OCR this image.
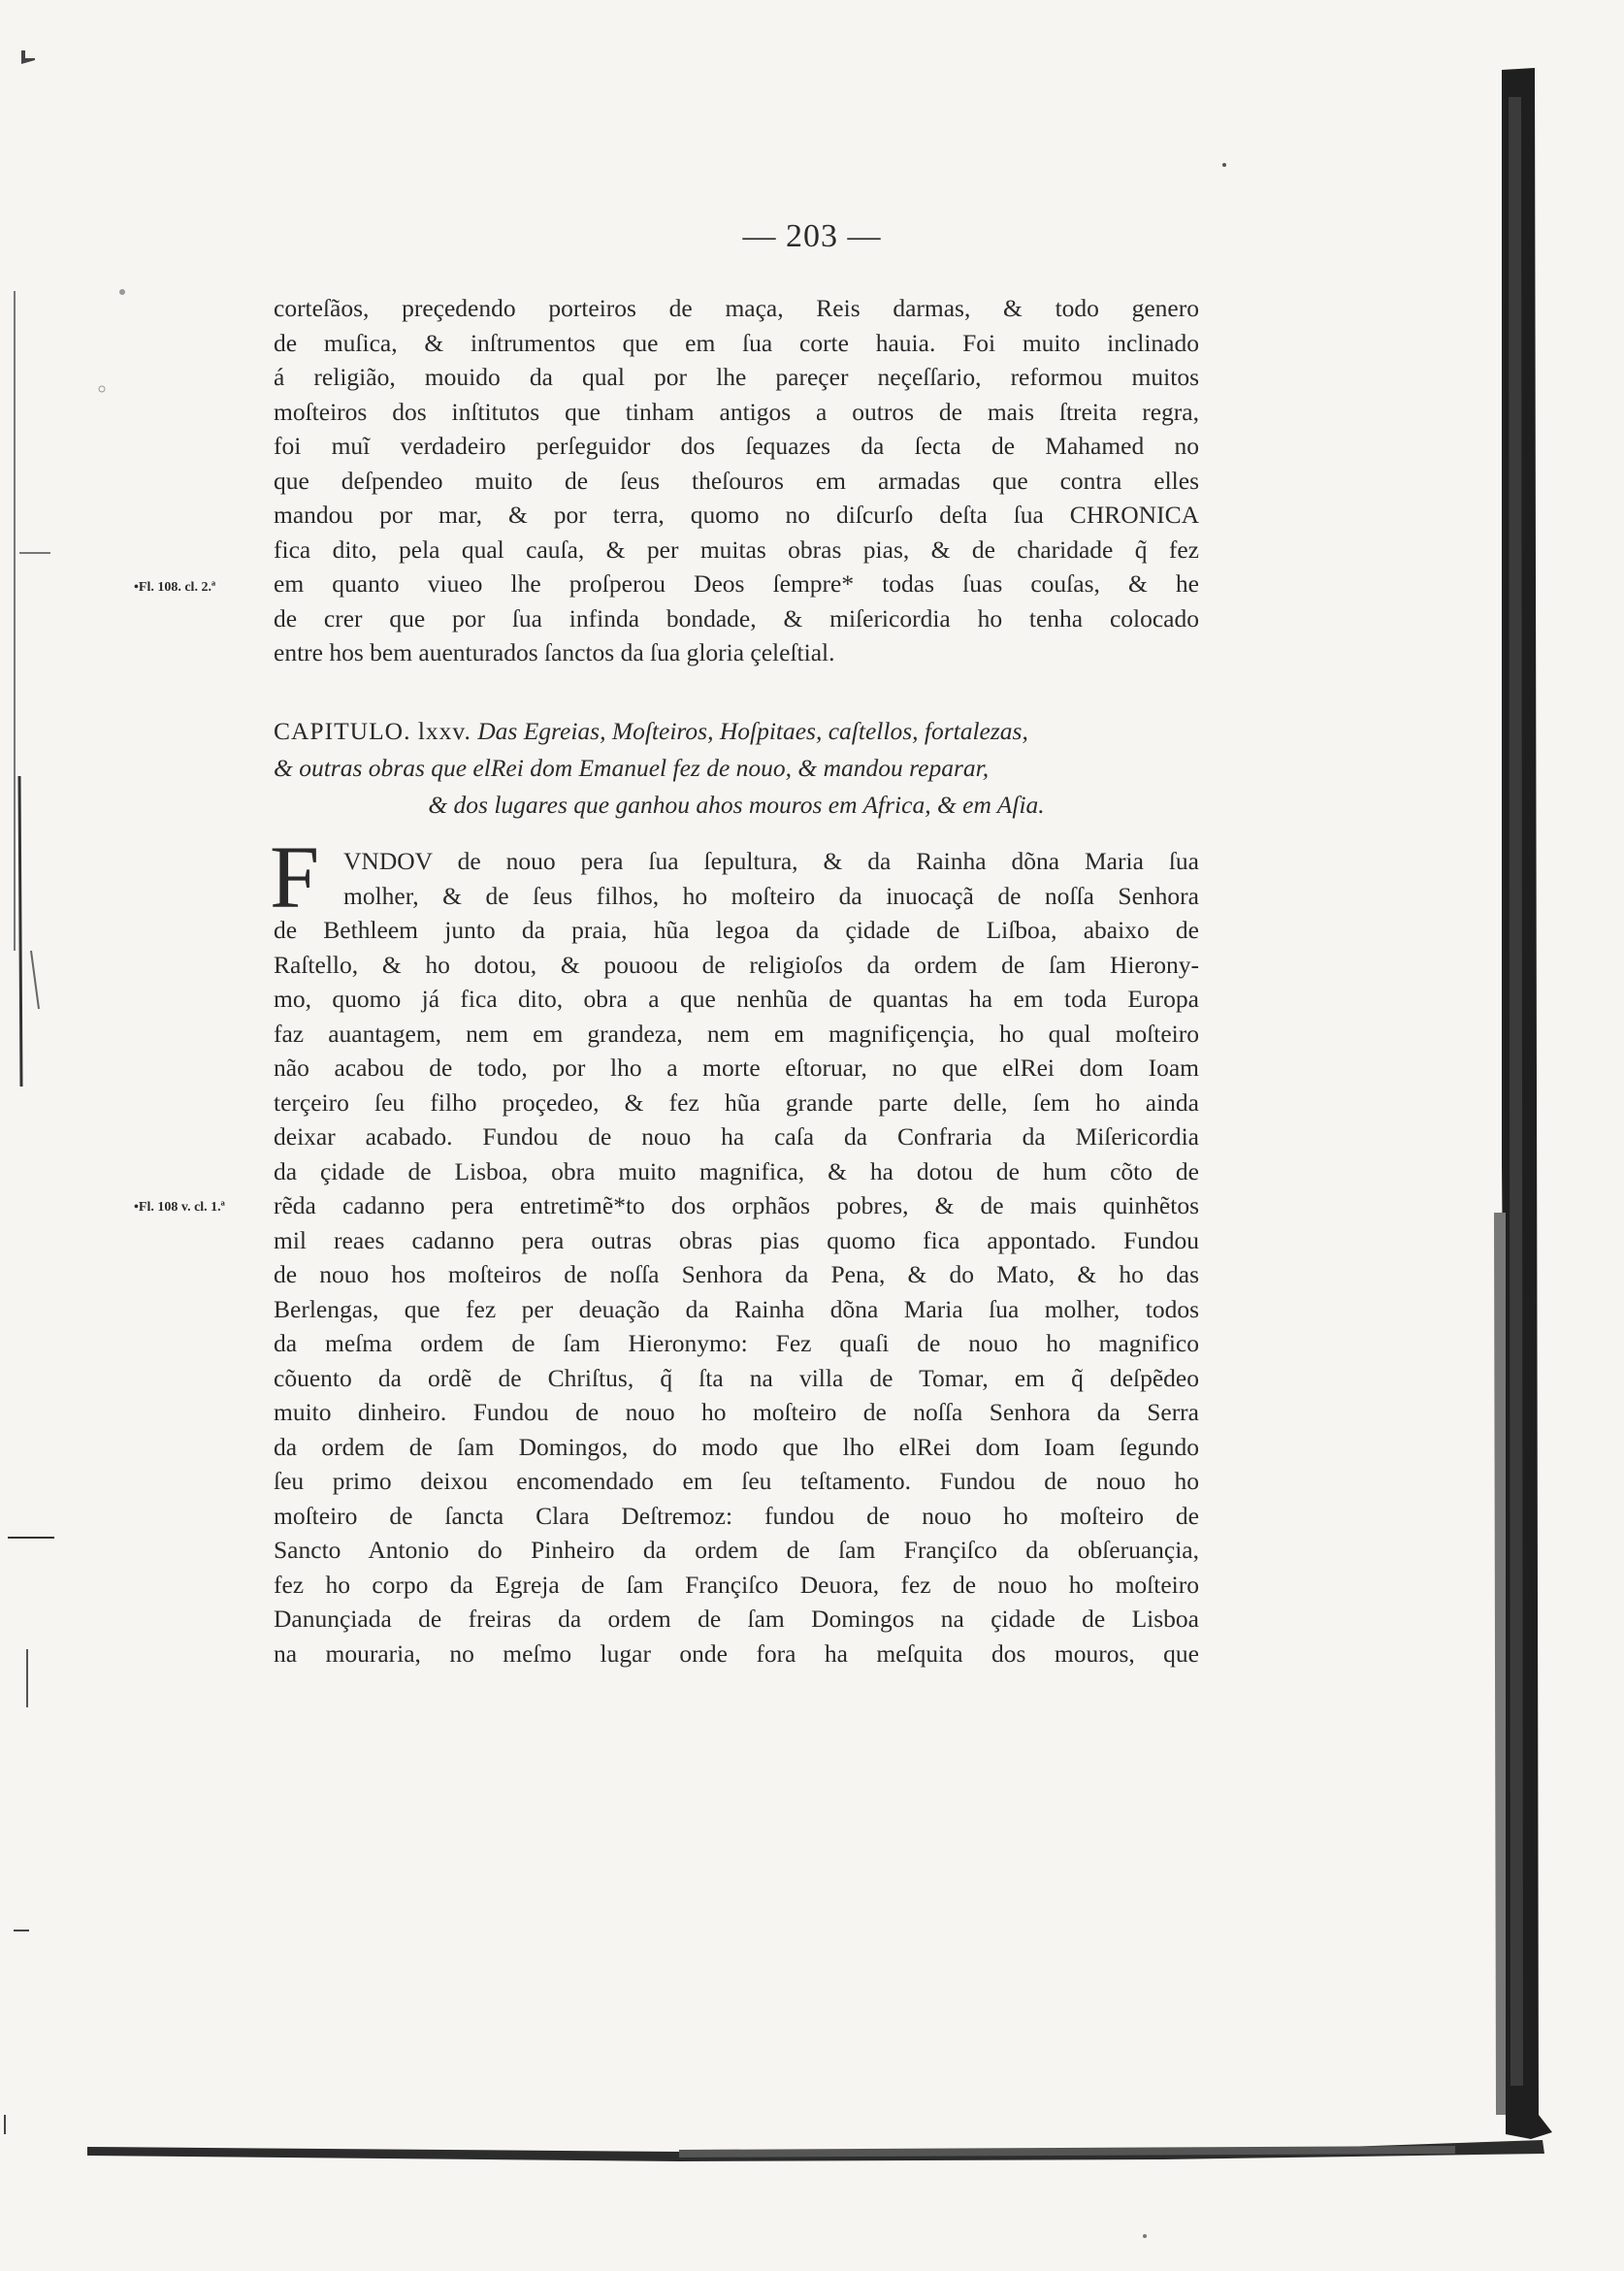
— 203 —
•Fl. 108. cl. 2.ª
•Fl. 108 v. cl. 1.ª
corteſãos, preçedendo porteiros de maça, Reis darmas, & todo genero
de muſica, & inſtrumentos que em ſua corte hauia. Foi muito inclinado
á religião, mouido da qual por lhe pareçer neçeſſario, reformou muitos
moſteiros dos inſtitutos que tinham antigos a outros de mais ſtreita regra,
foi muĩ verdadeiro perſeguidor dos ſequazes da ſecta de Mahamed no
que deſpendeo muito de ſeus theſouros em armadas que contra elles
mandou por mar, & por terra, quomo no diſcurſo deſta ſua CHRONICA
fica dito, pela qual cauſa, & per muitas obras pias, & de charidade q̃ fez
em quanto viueo lhe proſperou Deos ſempre* todas ſuas couſas, & he
de crer que por ſua infinda bondade, & miſericordia ho tenha colocado
entre hos bem auenturados ſanctos da ſua gloria çeleſtial.
CAPITULO. lxxv. Das Egreias, Moſteiros, Hoſpitaes, caſtellos, fortalezas,
& outras obras que elRei dom Emanuel fez de nouo, & mandou reparar,
& dos lugares que ganhou ahos mouros em Africa, & em Aſia.
F VNDOV de nouo pera ſua ſepultura, & da Rainha dõna Maria ſua
molher, & de ſeus filhos, ho moſteiro da inuocaçã de noſſa Senhora
de Bethleem junto da praia, hũa legoa da çidade de Liſboa, abaixo de
Raſtello, & ho dotou, & pouoou de religioſos da ordem de ſam Hierony-
mo, quomo já fica dito, obra a que nenhũa de quantas ha em toda Europa
faz auantagem, nem em grandeza, nem em magnifiçençia, ho qual moſteiro
não acabou de todo, por lho a morte eſtoruar, no que elRei dom Ioam
terçeiro ſeu filho proçedeo, & fez hũa grande parte delle, ſem ho ainda
deixar acabado. Fundou de nouo ha caſa da Confraria da Miſericordia
da çidade de Lisboa, obra muito magnifica, & ha dotou de hum cõto de
rẽda cadanno pera entretimẽ*to dos orphãos pobres, & de mais quinhẽtos
mil reaes cadanno pera outras obras pias quomo fica appontado. Fundou
de nouo hos moſteiros de noſſa Senhora da Pena, & do Mato, & ho das
Berlengas, que fez per deuação da Rainha dõna Maria ſua molher, todos
da meſma ordem de ſam Hieronymo: Fez quaſi de nouo ho magnifico
cõuento da ordẽ de Chriſtus, q̃ ſta na villa de Tomar, em q̃ deſpẽdeo
muito dinheiro. Fundou de nouo ho moſteiro de noſſa Senhora da Serra
da ordem de ſam Domingos, do modo que lho elRei dom Ioam ſegundo
ſeu primo deixou encomendado em ſeu teſtamento. Fundou de nouo ho
moſteiro de ſancta Clara Deſtremoz: fundou de nouo ho moſteiro de
Sancto Antonio do Pinheiro da ordem de ſam Françiſco da obſeruançia,
fez ho corpo da Egreja de ſam Françiſco Deuora, fez de nouo ho moſteiro
Danunçiada de freiras da ordem de ſam Domingos na çidade de Lisboa
na mouraria, no meſmo lugar onde fora ha meſquita dos mouros, que
